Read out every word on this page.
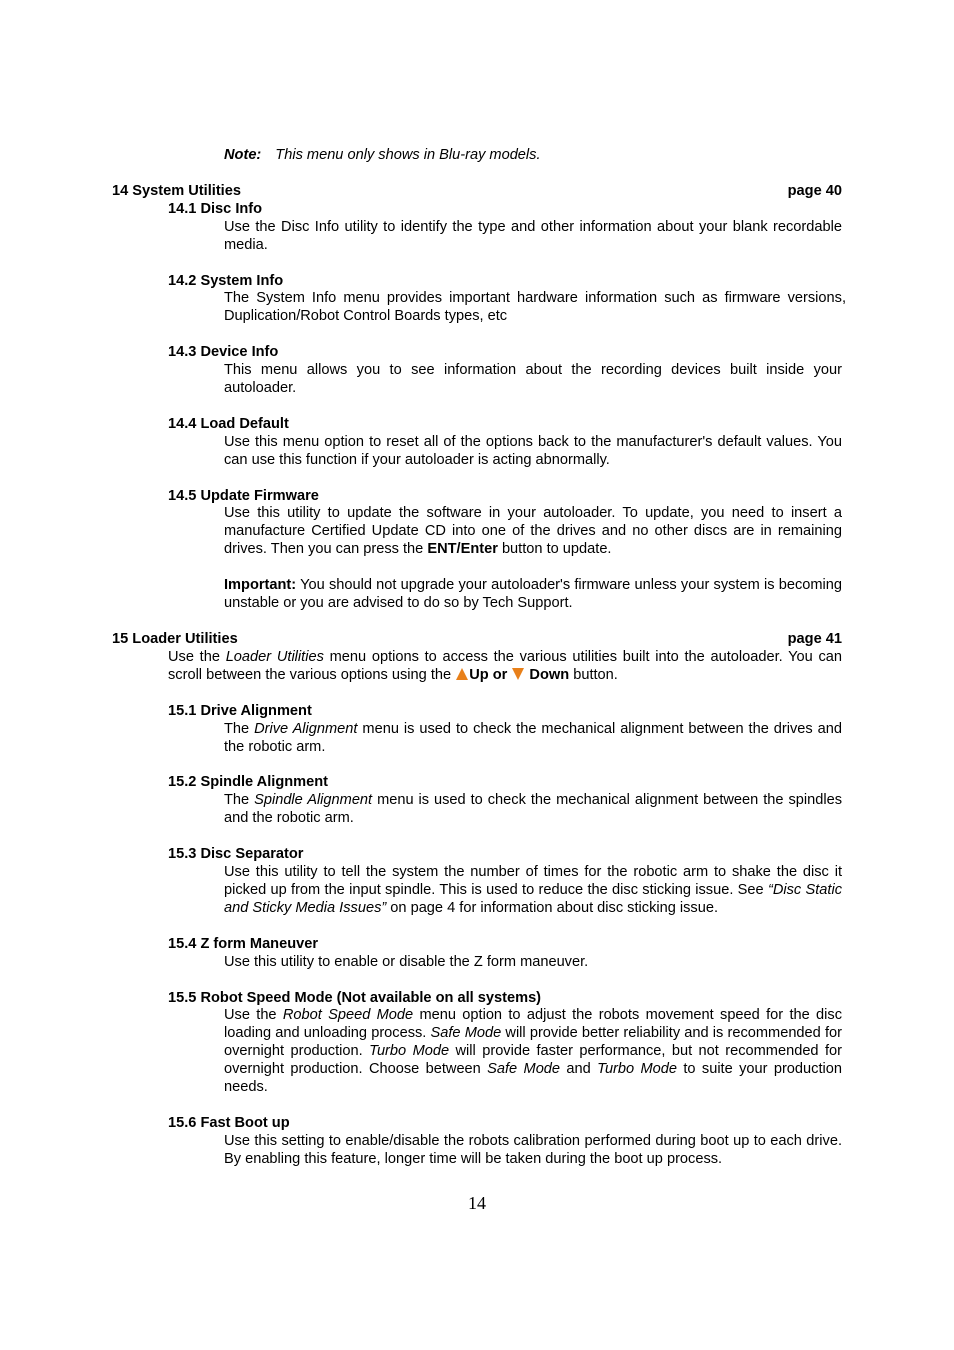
Note: This menu only shows in Blu-ray models.
14 System Utilities	page 40
14.1 Disc Info
Use the Disc Info utility to identify the type and other information about your blank recordable media.
14.2 System Info
The System Info menu provides important hardware information such as firmware versions, Duplication/Robot Control Boards types, etc
14.3 Device Info
This menu allows you to see information about the recording devices built inside your autoloader.
14.4 Load Default
Use this menu option to reset all of the options back to the manufacturer's default values. You can use this function if your autoloader is acting abnormally.
14.5 Update Firmware
Use this utility to update the software in your autoloader. To update, you need to insert a manufacture Certified Update CD into one of the drives and no other discs are in remaining drives. Then you can press the ENT/Enter button to update.
Important: You should not upgrade your autoloader's firmware unless your system is becoming unstable or you are advised to do so by Tech Support.
15 Loader Utilities	page 41
Use the Loader Utilities menu options to access the various utilities built into the autoloader. You can scroll between the various options using the Up or Down button.
15.1 Drive Alignment
The Drive Alignment menu is used to check the mechanical alignment between the drives and the robotic arm.
15.2 Spindle Alignment
The Spindle Alignment menu is used to check the mechanical alignment between the spindles and the robotic arm.
15.3 Disc Separator
Use this utility to tell the system the number of times for the robotic arm to shake the disc it picked up from the input spindle. This is used to reduce the disc sticking issue. See “Disc Static and Sticky Media Issues” on page 4 for information about disc sticking issue.
15.4 Z form Maneuver
Use this utility to enable or disable the Z form maneuver.
15.5 Robot Speed Mode (Not available on all systems)
Use the Robot Speed Mode menu option to adjust the robots movement speed for the disc loading and unloading process. Safe Mode will provide better reliability and is recommended for overnight production. Turbo Mode will provide faster performance, but not recommended for overnight production. Choose between Safe Mode and Turbo Mode to suite your production needs.
15.6 Fast Boot up
Use this setting to enable/disable the robots calibration performed during boot up to each drive. By enabling this feature, longer time will be taken during the boot up process.
14
